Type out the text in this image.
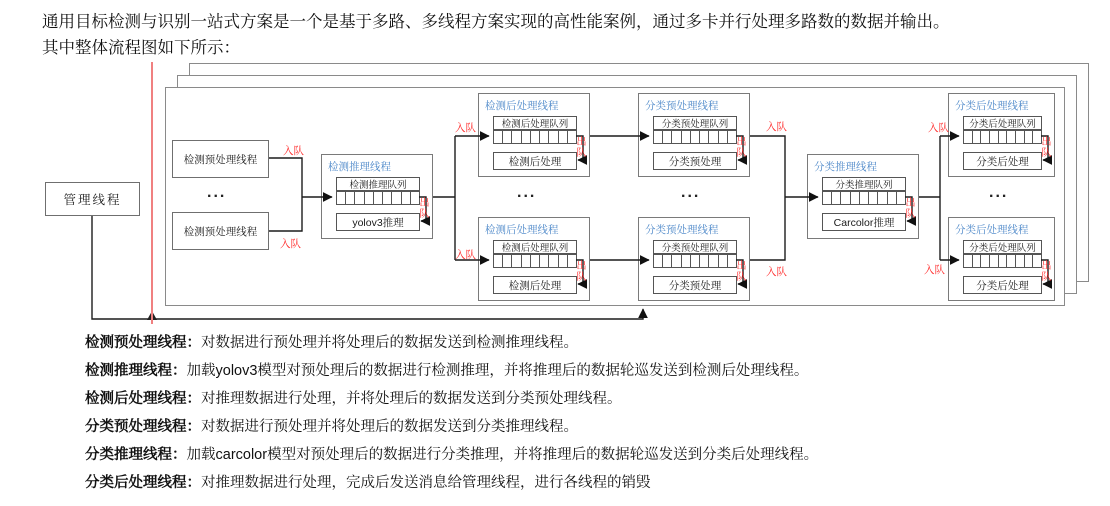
通用目标检测与识别一站式方案是一个是基于多路、多线程方案实现的高性能案例，通过多卡并行处理多路数的数据并输出。
其中整体流程图如下所示：
管理线程
检测预处理线程
检测预处理线程
检测推理线程
检测推理队列
yolov3推理
出队
检测后处理线程
检测后处理队列
检测后处理
出队
检测后处理线程
检测后处理队列
检测后处理
出队
分类预处理线程
分类预处理队列
分类预处理
出队
分类预处理线程
分类预处理队列
分类预处理
出队
分类推理线程
分类推理队列
Carcolor推理
出队
分类后处理线程
分类后处理队列
分类后处理
出队
分类后处理线程
分类后处理队列
分类后处理
出队
...	...	...	...
入队
入队
入队
入队
入队
入队
入队
入队
检测预处理线程：对数据进行预处理并将处理后的数据发送到检测推理线程。
检测推理线程：加载yolov3模型对预处理后的数据进行检测推理，并将推理后的数据轮巡发送到检测后处理线程。
检测后处理线程：对推理数据进行处理，并将处理后的数据发送到分类预处理线程。
分类预处理线程：对数据进行预处理并将处理后的数据发送到分类推理线程。
分类推理线程：加载carcolor模型对预处理后的数据进行分类推理，并将推理后的数据轮巡发送到分类后处理线程。
分类后处理线程：对推理数据进行处理，完成后发送消息给管理线程，进行各线程的销毁
